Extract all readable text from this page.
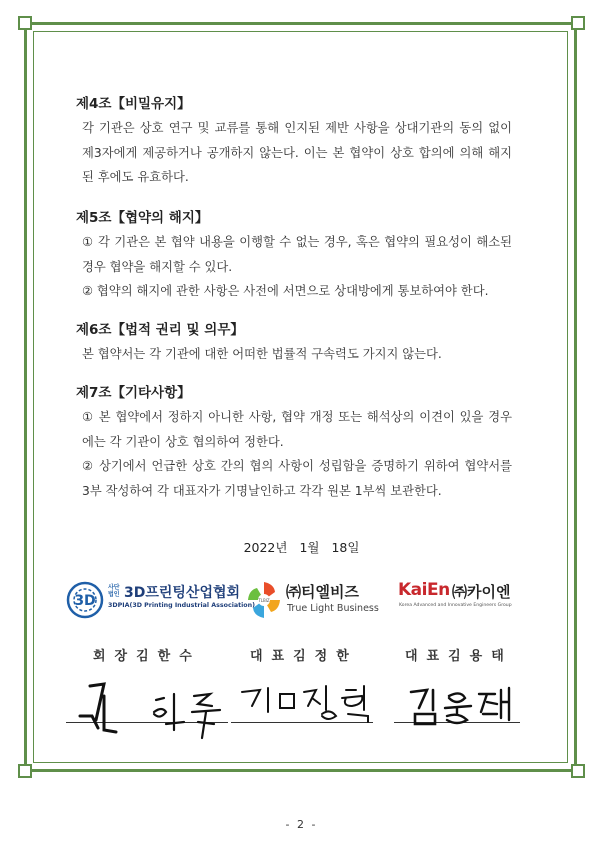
제4조【비밀유지】
각 기관은 상호 연구 및 교류를 통해 인지된 제반 사항을 상대기관의 동의 없이 제3자에게 제공하거나 공개하지 않는다. 이는 본 협약이 상호 합의에 의해 해지된 후에도 유효하다.
제5조【협약의 해지】
① 각 기관은 본 협약 내용을 이행할 수 없는 경우, 혹은 협약의 필요성이 해소된 경우 협약을 해지할 수 있다.
② 협약의 해지에 관한 사항은 사전에 서면으로 상대방에게 통보하여야 한다.
제6조【법적 권리 및 의무】
본 협약서는 각 기관에 대한 어떠한 법률적 구속력도 가지지 않는다.
제7조【기타사항】
① 본 협약에서 정하지 아니한 사항, 협약 개정 또는 해석상의 이견이 있을 경우에는 각 기관이 상호 협의하여 정한다.
② 상기에서 언급한 상호 간의 협의 사항이 성립함을 증명하기 위하여 협약서를 3부 작성하여 각 대표자가 기명날인하고 각각 원본 1부씩 보관한다.
2022년 1월 18일
3D
사단법인 3D프린팅산업협회
3DPIA(3D Printing Industrial Association)
TLBIZ ㈜티엘비즈
True Light Business
KaiEn ㈜카이엔
Korea Advanced and Innovative Engineers Group
회장김한수	대표김정한	대표김용태
- 2 -
